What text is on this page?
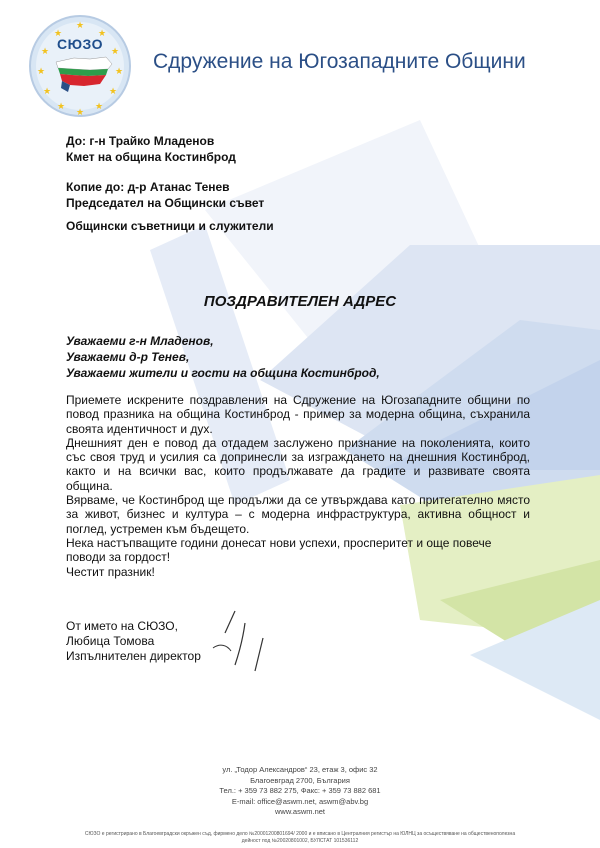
★
★	★
★	★
★	★
★	★
★	★
★
СЮЗО
Сдружение на Югозападните Общини
До: г-н Трайко Младенов
Кмет на община Костинброд
Копие до: д-р Атанас Тенев
Председател на Общински съвет
Общински съветници и служители
ПОЗДРАВИТЕЛЕН АДРЕС
Уважаеми г-н Младенов,
Уважаеми д-р Тенев,
Уважаеми жители и гости на община Костинброд,

Приемете искрените поздравления на Сдружение на Югозападните общини по повод празника на община Костинброд - пример за модерна община, съхранила своята идентичност и дух.

Днешният ден е повод да отдадем заслужено признание на поколенията, които със своя труд и усилия са допринесли за изграждането на днешния Костинброд, както и на всички вас, които продължавате да градите и развивате своята община.

Вярваме, че Костинброд ще продължи да се утвърждава като притегателно място за живот, бизнес и култура – с модерна инфраструктура, активна общност и поглед, устремен към бъдещето.

Нека настъпващите години донесат нови успехи, просперитет и още повече поводи за гордост!

Честит празник!

От името на СЮЗО,
Любица Томова
Изпълнителен директор
ул. „Тодор Александров“ 23, етаж 3, офис 32
Благоевград 2700, България
Тел.: + 359 73 882 275, Факс: + 359 73 882 681
E-mail: office@aswm.net, aswm@abv.bg
www.aswm.net
СЮЗО е регистрирано в Благоевградски окръжен съд, фирмено дело №20001200801694/ 2000 и е вписано в Централния регистър на ЮЛНЦ за осъществяване на общественополезна
дейност под №20020801002, БУЛСТАТ 101536112
